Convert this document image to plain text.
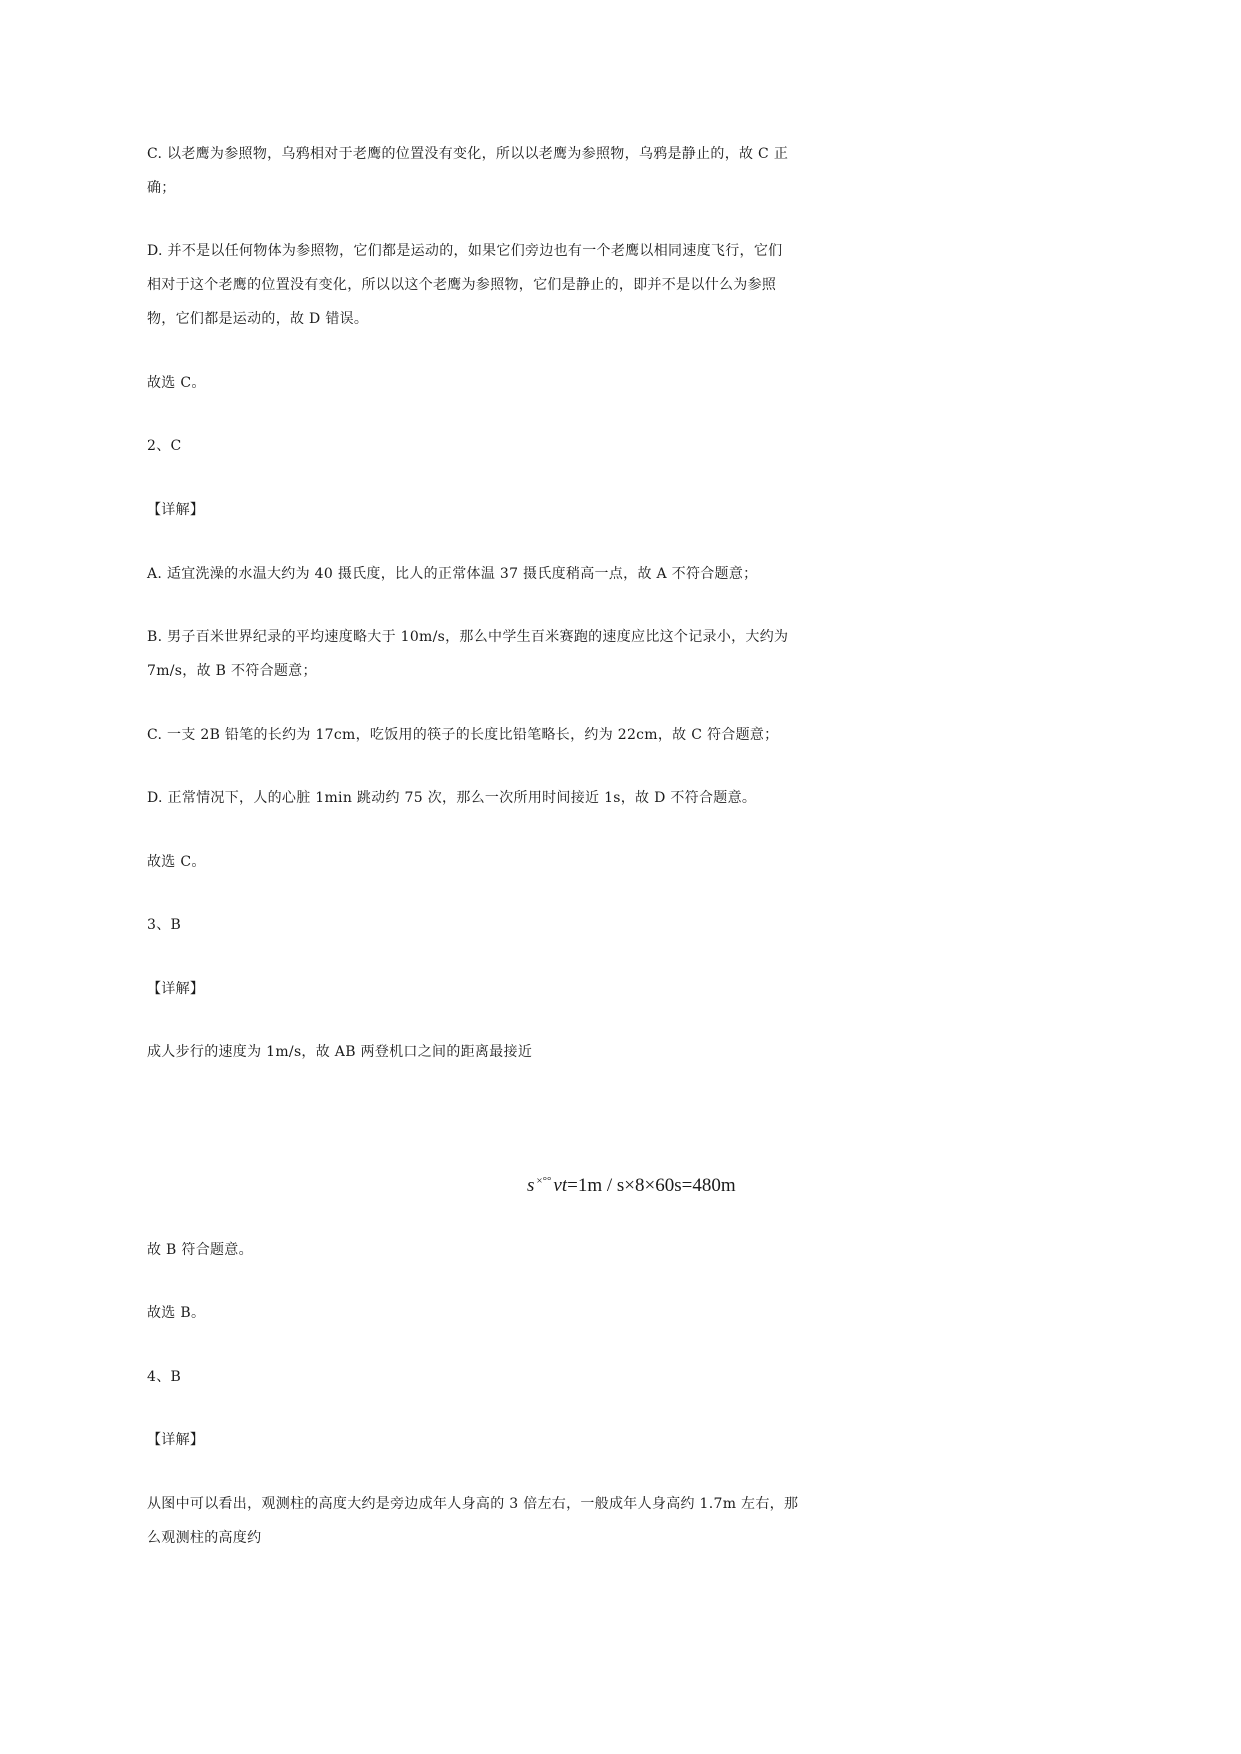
C. 以老鹰为参照物，乌鸦相对于老鹰的位置没有变化，所以以老鹰为参照物，乌鸦是静止的，故 C 正
确；
D. 并不是以任何物体为参照物，它们都是运动的，如果它们旁边也有一个老鹰以相同速度飞行，它们
相对于这个老鹰的位置没有变化，所以以这个老鹰为参照物，它们是静止的，即并不是以什么为参照
物，它们都是运动的，故 D 错误。
故选 C。
2、C
【详解】
A. 适宜洗澡的水温大约为 40 摄氏度，比人的正常体温 37 摄氏度稍高一点，故 A 不符合题意；
B. 男子百米世界纪录的平均速度略大于 10m/s，那么中学生百米赛跑的速度应比这个记录小，大约为
7m/s，故 B 不符合题意；
C. 一支 2B 铅笔的长约为 17cm，吃饭用的筷子的长度比铅笔略长，约为 22cm，故 C 符合题意；
D. 正常情况下，人的心脏 1min 跳动约 75 次，那么一次所用时间接近 1s，故 D 不符合题意。
故选 C。
3、B
【详解】
成人步行的速度为 1m/s，故 AB 两登机口之间的距离最接近
s ×°° vt=1m / s×8×60s=480m
故 B 符合题意。
故选 B。
4、B
【详解】
从图中可以看出，观测柱的高度大约是旁边成年人身高的 3 倍左右，一般成年人身高约 1.7m 左右，那
么观测柱的高度约
